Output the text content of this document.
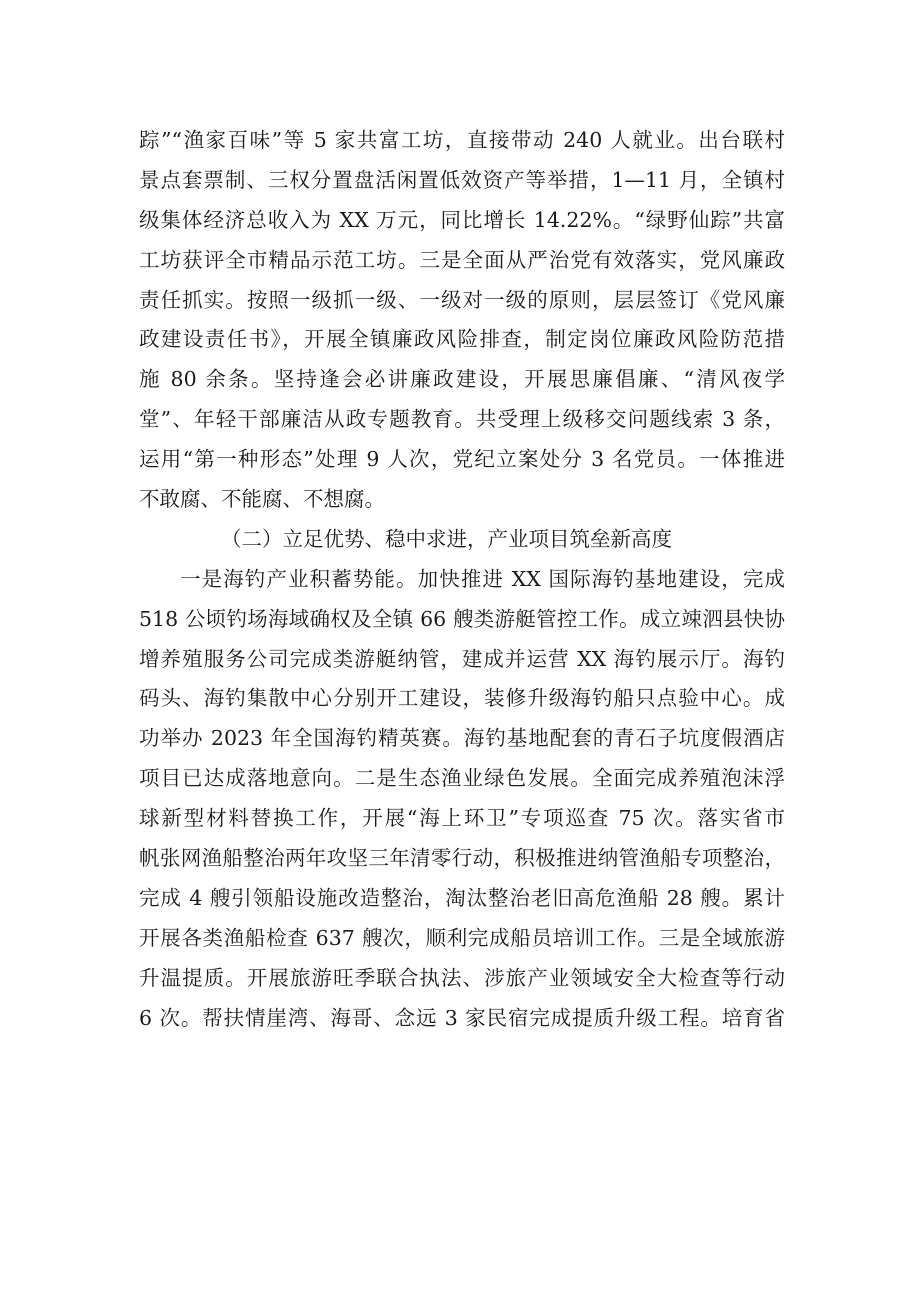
踪”“渔家百味”等 5 家共富工坊，直接带动 240 人就业。出台联村
景点套票制、三权分置盘活闲置低效资产等举措，1—11 月，全镇村
级集体经济总收入为 XX 万元，同比增长 14.22%。“绿野仙踪”共富
工坊获评全市精品示范工坊。三是全面从严治党有效落实，党风廉政
责任抓实。按照一级抓一级、一级对一级的原则，层层签订《党风廉
政建设责任书》，开展全镇廉政风险排查，制定岗位廉政风险防范措
施 80 余条。坚持逢会必讲廉政建设，开展思廉倡廉、“清风夜学
堂”、年轻干部廉洁从政专题教育。共受理上级移交问题线索 3 条，
运用“第一种形态”处理 9 人次，党纪立案处分 3 名党员。一体推进
不敢腐、不能腐、不想腐。
（二）立足优势、稳中求进，产业项目筑垒新高度
一是海钓产业积蓄势能。加快推进 XX 国际海钓基地建设，完成
518 公顷钓场海域确权及全镇 66 艘类游艇管控工作。成立竦泗县快协
增养殖服务公司完成类游艇纳管，建成并运营 XX 海钓展示厅。海钓
码头、海钓集散中心分别开工建设，装修升级海钓船只点验中心。成
功举办 2023 年全国海钓精英赛。海钓基地配套的青石子坑度假酒店
项目已达成落地意向。二是生态渔业绿色发展。全面完成养殖泡沫浮
球新型材料替换工作，开展“海上环卫”专项巡查 75 次。落实省市
帆张网渔船整治两年攻坚三年清零行动，积极推进纳管渔船专项整治，
完成 4 艘引领船设施改造整治，淘汰整治老旧高危渔船 28 艘。累计
开展各类渔船检查 637 艘次，顺利完成船员培训工作。三是全域旅游
升温提质。开展旅游旺季联合执法、涉旅产业领域安全大检查等行动
6 次。帮扶情崖湾、海哥、念远 3 家民宿完成提质升级工程。培育省
